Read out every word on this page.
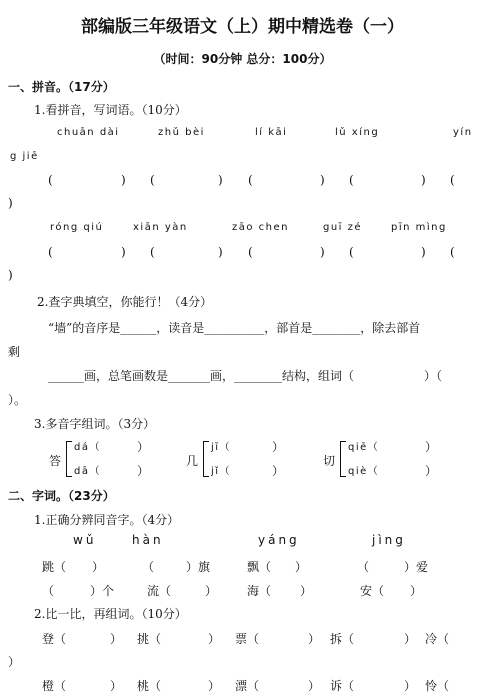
部编版三年级语文（上）期中精选卷（一）
（时间：90分钟 总分：100分）
一、拼音。（17分）
1.看拼音，写词语。（10分）
chuān dài	zhǔ bèi	lí kāi	lǔ xíng	yín
g jiē
(	) (	) (	) (	) (
)
róng qiú	xiān yàn	zāo chen	guī zé	pīn mìng
(	) (	) (	) (	) (
)
2.查字典填空，你能行！（4分）
“墙”的音序是______，读音是__________，部首是________，除去部首
剩
______画，总笔画数是_______画，________结构，组词（	）（
）。
3.多音字组词。（3分）
答
dá（	）
dā（	）
几
jī（	）
jǐ（	）
切
qiē（	）
qiè（	）
二、字词。（23分）
1.正确分辨同音字。（4分）
wǔ	hàn	yáng	jìng
跳（ ）	（	）旗	飘（ ）	（	）爱
（	）个	流（	） 海（ ）	安（ ）
2.比一比，再组词。（10分）
登（	） 挑（	） 票（	） 拆（	） 冷（
）
橙（	） 桃（	） 漂（	） 诉（	） 怜（
